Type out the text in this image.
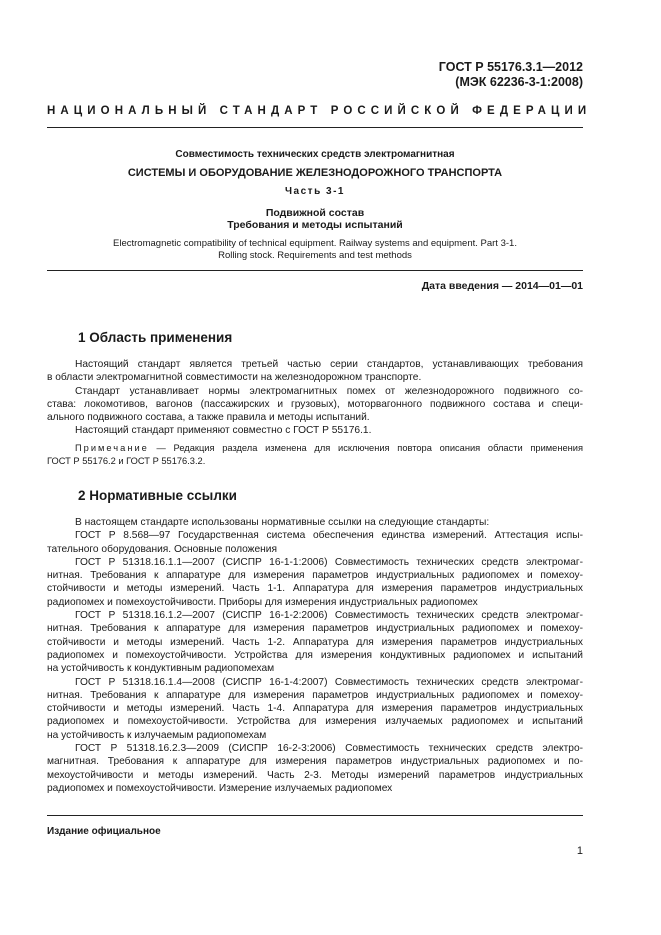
ГОСТ Р 55176.3.1—2012
(МЭК 62236-3-1:2008)
НАЦИОНАЛЬНЫЙ СТАНДАРТ РОССИЙСКОЙ ФЕДЕРАЦИИ
Совместимость технических средств электромагнитная
СИСТЕМЫ И ОБОРУДОВАНИЕ ЖЕЛЕЗНОДОРОЖНОГО ТРАНСПОРТА
Часть 3-1
Подвижной состав
Требования и методы испытаний
Electromagnetic compatibility of technical equipment. Railway systems and equipment. Part 3-1.
Rolling stock. Requirements and test methods
Дата введения — 2014—01—01
1 Область применения
Настоящий стандарт является третьей частью серии стандартов, устанавливающих требования
в области электромагнитной совместимости на железнодорожном транспорте.
Стандарт устанавливает нормы электромагнитных помех от железнодорожного подвижного со-
става: локомотивов, вагонов (пассажирских и грузовых), моторвагонного подвижного состава и специ-
ального подвижного состава, а также правила и методы испытаний.
Настоящий стандарт применяют совместно с ГОСТ Р 55176.1.
Примечание — Редакция раздела изменена для исключения повтора описания области применения
ГОСТ Р 55176.2 и ГОСТ Р 55176.3.2.
2 Нормативные ссылки
В настоящем стандарте использованы нормативные ссылки на следующие стандарты:
ГОСТ Р 8.568—97 Государственная система обеспечения единства измерений. Аттестация испы-
тательного оборудования. Основные положения
ГОСТ Р 51318.16.1.1—2007 (СИСПР 16-1-1:2006) Совместимость технических средств электромаг-
нитная. Требования к аппаратуре для измерения параметров индустриальных радиопомех и помехоу-
стойчивости и методы измерений. Часть 1-1. Аппаратура для измерения параметров индустриальных
радиопомех и помехоустойчивости. Приборы для измерения индустриальных радиопомех
ГОСТ Р 51318.16.1.2—2007 (СИСПР 16-1-2:2006) Совместимость технических средств электромаг-
нитная. Требования к аппаратуре для измерения параметров индустриальных радиопомех и помехоу-
стойчивости и методы измерений. Часть 1-2. Аппаратура для измерения параметров индустриальных
радиопомех и помехоустойчивости. Устройства для измерения кондуктивных радиопомех и испытаний
на устойчивость к кондуктивным радиопомехам
ГОСТ Р 51318.16.1.4—2008 (СИСПР 16-1-4:2007) Совместимость технических средств электромаг-
нитная. Требования к аппаратуре для измерения параметров индустриальных радиопомех и помехоу-
стойчивости и методы измерений. Часть 1-4. Аппаратура для измерения параметров индустриальных
радиопомех и помехоустойчивости. Устройства для измерения излучаемых радиопомех и испытаний
на устойчивость к излучаемым радиопомехам
ГОСТ Р 51318.16.2.3—2009 (СИСПР 16-2-3:2006) Совместимость технических средств электро-
магнитная. Требования к аппаратуре для измерения параметров индустриальных радиопомех и по-
мехоустойчивости и методы измерений. Часть 2-3. Методы измерений параметров индустриальных
радиопомех и помехоустойчивости. Измерение излучаемых радиопомех
Издание официальное
1
